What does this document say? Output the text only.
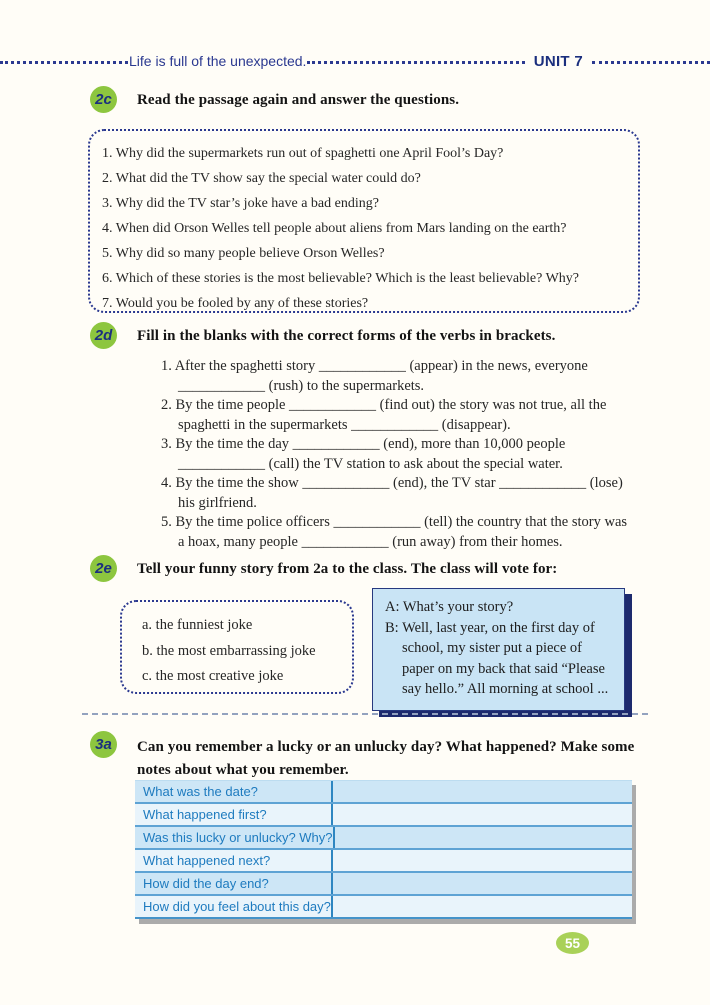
Life is full of the unexpected.	UNIT 7
2c	Read the passage again and answer the questions.
1. Why did the supermarkets run out of spaghetti one April Fool’s Day?
2. What did the TV show say the special water could do?
3. Why did the TV star’s joke have a bad ending?
4. When did Orson Welles tell people about aliens from Mars landing on the earth?
5. Why did so many people believe Orson Welles?
6. Which of these stories is the most believable? Which is the least believable? Why?
7. Would you be fooled by any of these stories?
2d	Fill in the blanks with the correct forms of the verbs in brackets.
1. After the spaghetti story ____________ (appear) in the news, everyone ____________ (rush) to the supermarkets.
2. By the time people ____________ (find out) the story was not true, all the spaghetti in the supermarkets ____________ (disappear).
3. By the time the day ____________ (end), more than 10,000 people ____________ (call) the TV station to ask about the special water.
4. By the time the show ____________ (end), the TV star ____________ (lose) his girlfriend.
5. By the time police officers ____________ (tell) the country that the story was a hoax, many people ____________ (run away) from their homes.
2e	Tell your funny story from 2a to the class. The class will vote for:
a. the funniest joke
b. the most embarrassing joke
c. the most creative joke
A: What’s your story?
B: Well, last year, on the first day of school, my sister put a piece of paper on my back that said “Please say hello.” All morning at school ...
3a	Can you remember a lucky or an unlucky day? What happened? Make some notes about what you remember.
What was the date?
What happened first?
Was this lucky or unlucky? Why?
What happened next?
How did the day end?
How did you feel about this day?
55
